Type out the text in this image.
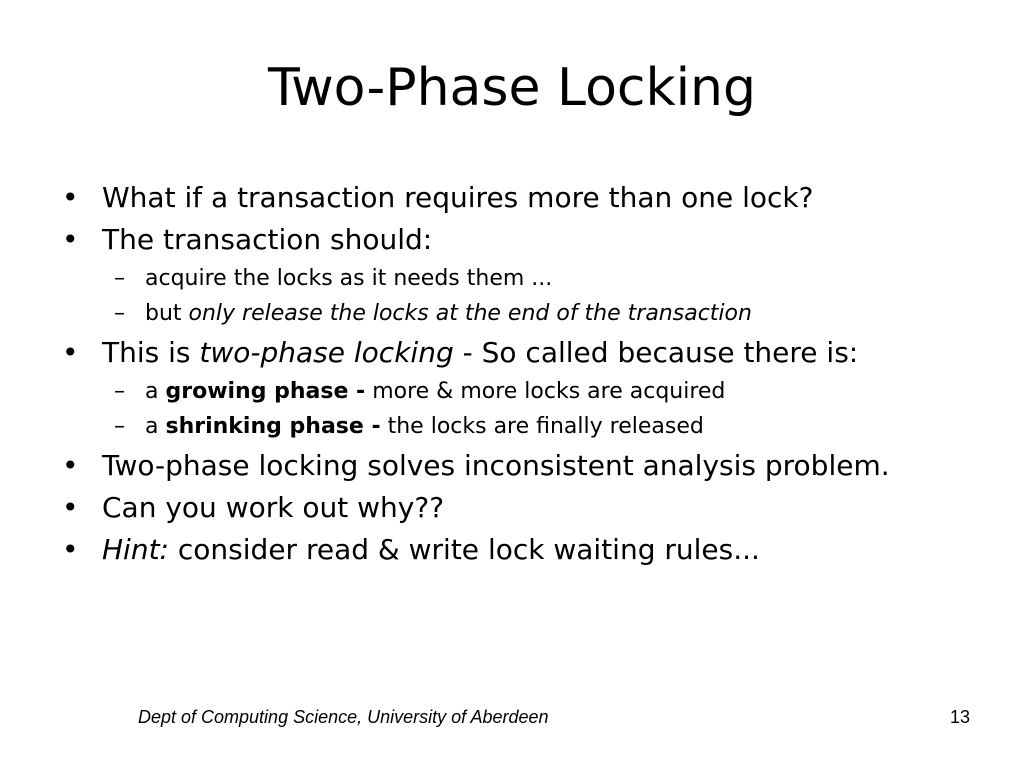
Two-Phase Locking
• What if a transaction requires more than one lock?
• The transaction should:
– acquire the locks as it needs them ...
– but only release the locks at the end of the transaction
• This is two-phase locking - So called because there is:
– a growing phase - more & more locks are acquired
– a shrinking phase - the locks are finally released
• Two-phase locking solves inconsistent analysis problem.
• Can you work out why??
• Hint: consider read & write lock waiting rules...
Dept of Computing Science, University of Aberdeen	13
